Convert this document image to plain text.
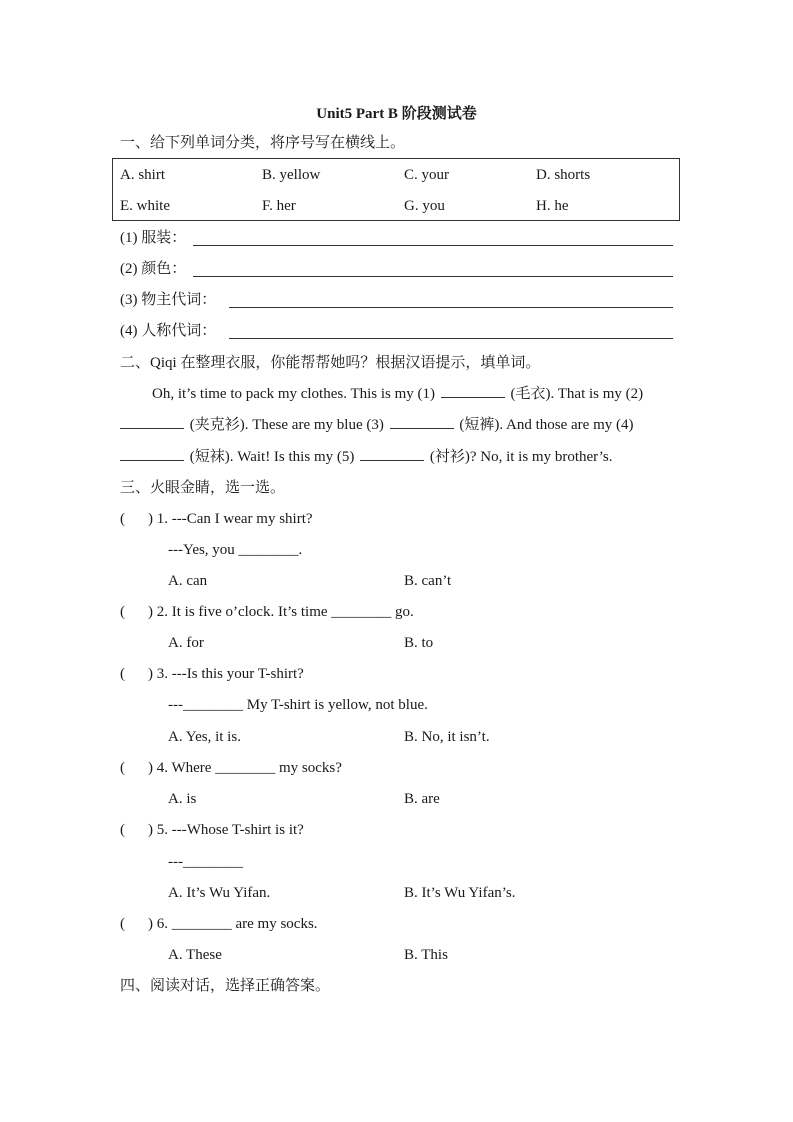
Unit5 Part B 阶段测试卷
一、给下列单词分类，将序号写在横线上。
A. shirt	B. yellow	C. your	D. shorts
E. white	F. her	G. you	H. he
(1) 服装：
(2) 颜色：
(3) 物主代词：
(4) 人称代词：
二、Qiqi 在整理衣服，你能帮帮她吗？根据汉语提示，填单词。
Oh, it’s time to pack my clothes. This is my (1)	(毛衣). That is my (2)
(夹克衫). These are my blue (3)	(短裤). And those are my (4)
(短袜). Wait! Is this my (5)	(衬衫)? No, it is my brother’s.
三、火眼金睛，选一选。
( ) 1. ---Can I wear my shirt?
---Yes, you ________.
A. can	B. can’t
( ) 2. It is five o’clock. It’s time ________ go.
A. for	B. to
( ) 3. ---Is this your T-shirt?
---________ My T-shirt is yellow, not blue.
A. Yes, it is.	B. No, it isn’t.
( ) 4. Where ________ my socks?
A. is	B. are
( ) 5. ---Whose T-shirt is it?
---________
A. It’s Wu Yifan.	B. It’s Wu Yifan’s.
( ) 6. ________ are my socks.
A. These	B. This
四、阅读对话，选择正确答案。
